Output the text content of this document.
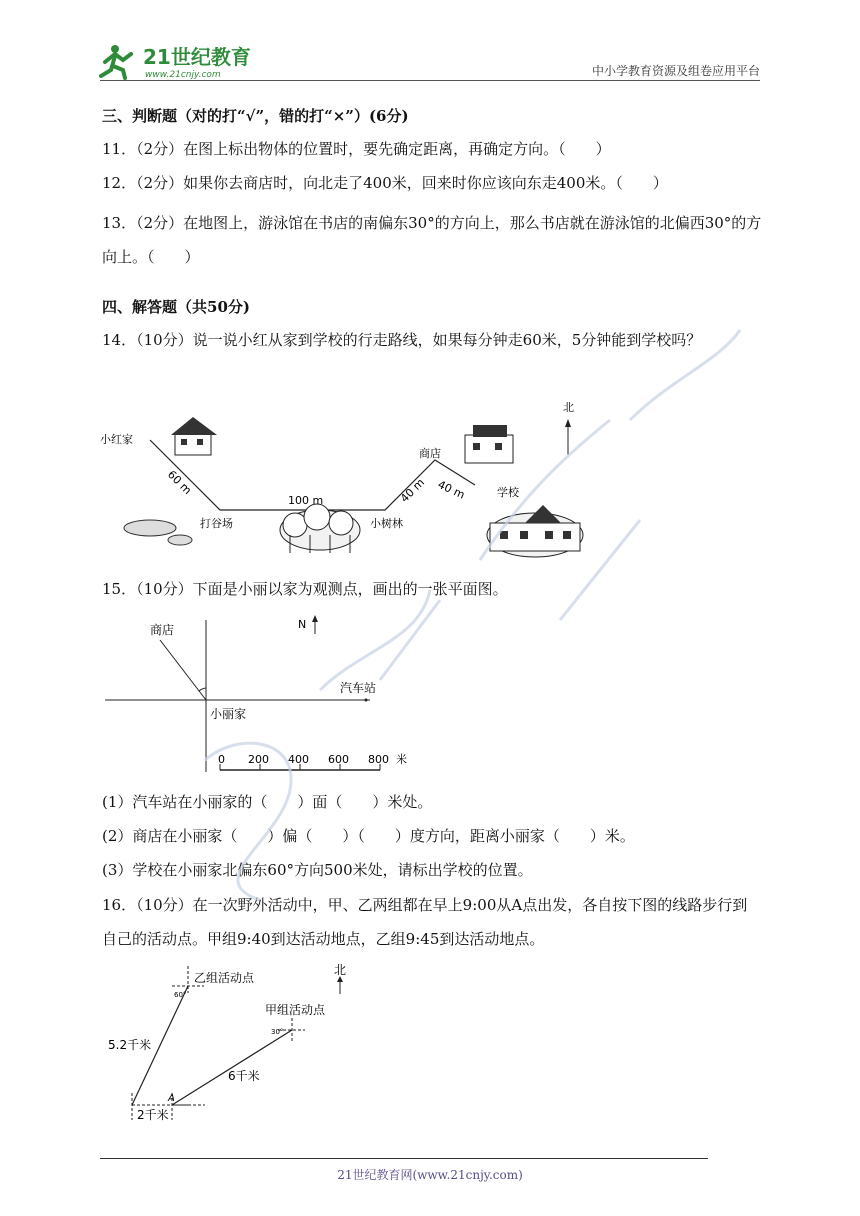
21世纪教育
www.21cnjy.com	中小学教育资源及组卷应用平台
三、判断题（对的打“√”，错的打“×”）(6分)
11．（2分）在图上标出物体的位置时，要先确定距离，再确定方向。（　　）
12．（2分）如果你去商店时，向北走了400米，回来时你应该向东走400米。（　　）
13．（2分）在地图上，游泳馆在书店的南偏东30°的方向上，那么书店就在游泳馆的北偏西30°的方向上。（　　）
四、解答题（共50分)
14．（10分）说一说小红从家到学校的行走路线，如果每分钟走60米，5分钟能到学校吗？
北
小红家
60 m
打谷场
100 m
小树林
40 m
商店
40 m	学校
15．（10分）下面是小丽以家为观测点，画出的一张平面图。
商店	N
汽车站
小丽家
0 200 400 600 800 米
(1）汽车站在小丽家的（　　）面（　　）米处。
(2）商店在小丽家（　　）偏（　　）（　　）度方向，距离小丽家（　　）米。
(3）学校在小丽家北偏东60°方向500米处，请标出学校的位置。
16．（10分）在一次野外活动中，甲、乙两组都在早上9:00从A点出发，各自按下图的线路步行到自己的活动点。甲组9:40到达活动地点，乙组9:45到达活动地点。
北
乙组活动点
60°
甲组活动点
30°
5.2千米
6千米
2千米
A
21世纪教育网(www.21cnjy.com)
